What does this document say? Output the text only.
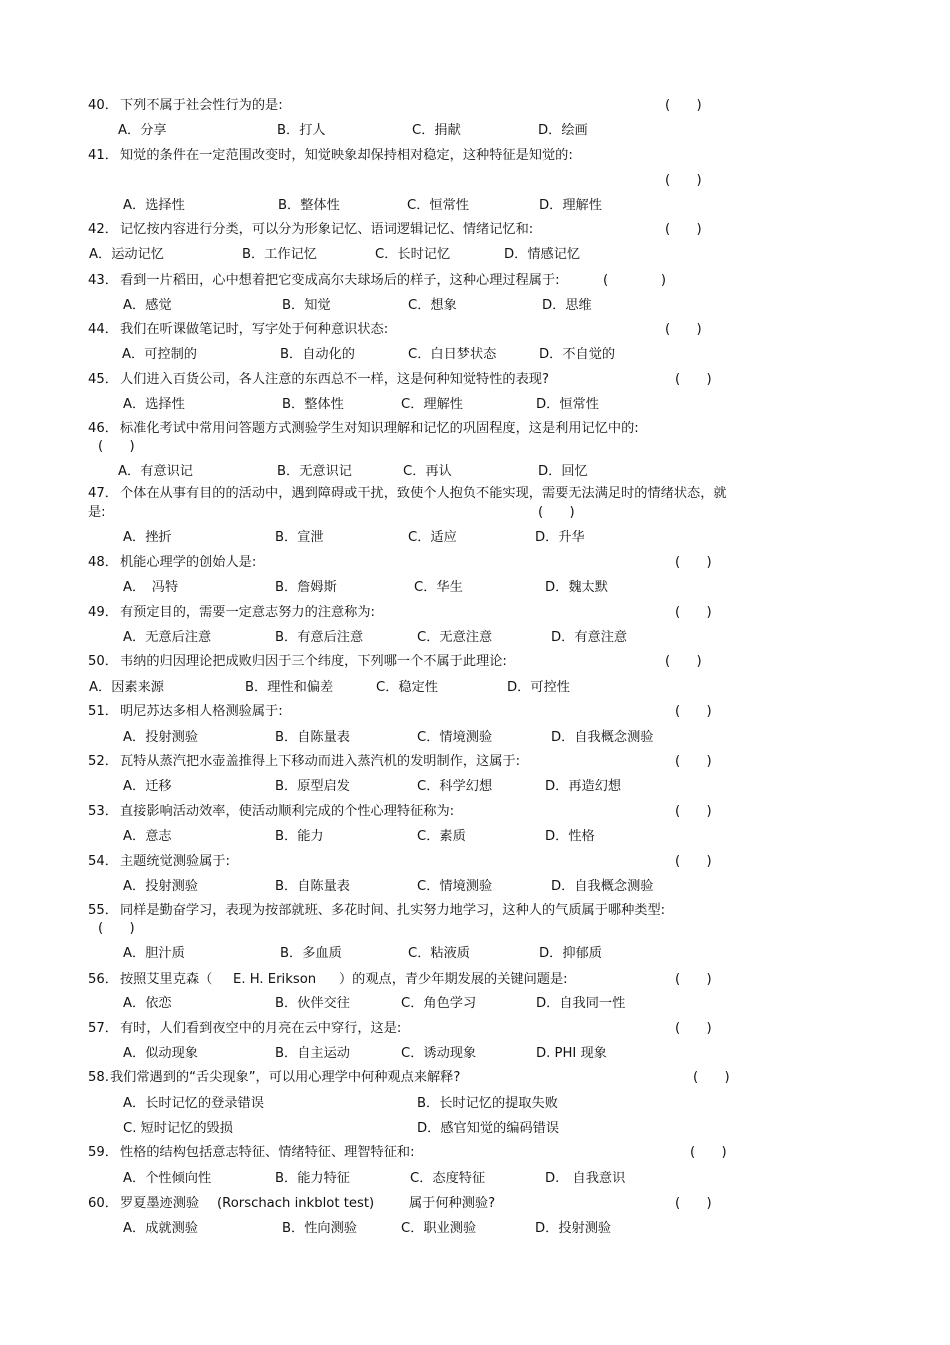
40． 下列不属于社会性行为的是:	(　　)
A．分享	B．打人	C．捐献	D．绘画
41． 知觉的条件在一定范围改变时，知觉映象却保持相对稳定，这种特征是知觉的:
(　　)
A．选择性	B．整体性	C．恒常性	D．理解性
42． 记忆按内容进行分类，可以分为形象记忆、语词逻辑记忆、情绪记忆和:	(　　)
A．运动记忆	B．工作记忆	C．长时记忆	D．情感记忆
43． 看到一片稻田，心中想着把它变成高尔夫球场后的样子，这种心理过程属于:	(　　　　)
A．感觉	B．知觉	C．想象	D．思维
44． 我们在听课做笔记时，写字处于何种意识状态:	(　　)
A．可控制的	B．自动化的	C．白日梦状态	D．不自觉的
45． 人们进入百货公司，各人注意的东西总不一样，这是何种知觉特性的表现?	(　　)
A．选择性	B．整体性	C．理解性	D．恒常性
46． 标准化考试中常用问答题方式测验学生对知识理解和记忆的巩固程度，这是利用记忆中的:
(　　)
A．有意识记	B．无意识记	C．再认	D．回忆
47． 个体在从事有目的的活动中，遇到障碍或干扰，致使个人抱负不能实现，需要无法满足时的情绪状态，就
是:	(　　)
A．挫折	B．宣泄	C．适应	D．升华
48． 机能心理学的创始人是:	(　　)
A．　冯特	B．詹姆斯	C．华生	D．魏太默
49． 有预定目的，需要一定意志努力的注意称为:	(　　)
A．无意后注意	B．有意后注意	C．无意注意	D．有意注意
50． 韦纳的归因理论把成败归因于三个纬度，下列哪一个不属于此理论:	(　　)
A．因素来源	B．理性和偏差	C．稳定性	D．可控性
51． 明尼苏达多相人格测验属于:	(　　)
A．投射测验	B．自陈量表	C．情境测验	D．自我概念测验
52． 瓦特从蒸汽把水壶盖推得上下移动而进入蒸汽机的发明制作，这属于:	(　　)
A．迁移	B．原型启发	C．科学幻想	D．再造幻想
53． 直接影响活动效率，使活动顺利完成的个性心理特征称为:	(　　)
A．意志	B．能力	C．素质	D．性格
54． 主题统觉测验属于:	(　　)
A．投射测验	B．自陈量表	C．情境测验	D．自我概念测验
55． 同样是勤奋学习，表现为按部就班、多花时间、扎实努力地学习，这种人的气质属于哪种类型:
(　　)
A．胆汁质	B．多血质	C．粘液质	D．抑郁质
56． 按照艾里克森（ E. H. Erikson ）的观点，青少年期发展的关键问题是:	(　　)
A．依恋	B．伙伴交往	C．角色学习	D．自我同一性
57． 有时，人们看到夜空中的月亮在云中穿行，这是:	(　　)
A．似动现象	B．自主运动	C．诱动现象	D. PHI 现象
58. 我们常遇到的“舌尖现象”，可以用心理学中何种观点来解释?	(　　)
A．长时记忆的登录错误	B．长时记忆的提取失败
C. 短时记忆的毁损	D．感官知觉的编码错误
59． 性格的结构包括意志特征、情绪特征、理智特征和:	(　　)
A．个性倾向性	B．能力特征	C．态度特征	D.　自我意识
60． 罗夏墨迹测验 (Rorschach inkblot test)	属于何种测验?	(　　)
A．成就测验	B．性向测验	C．职业测验	D．投射测验
